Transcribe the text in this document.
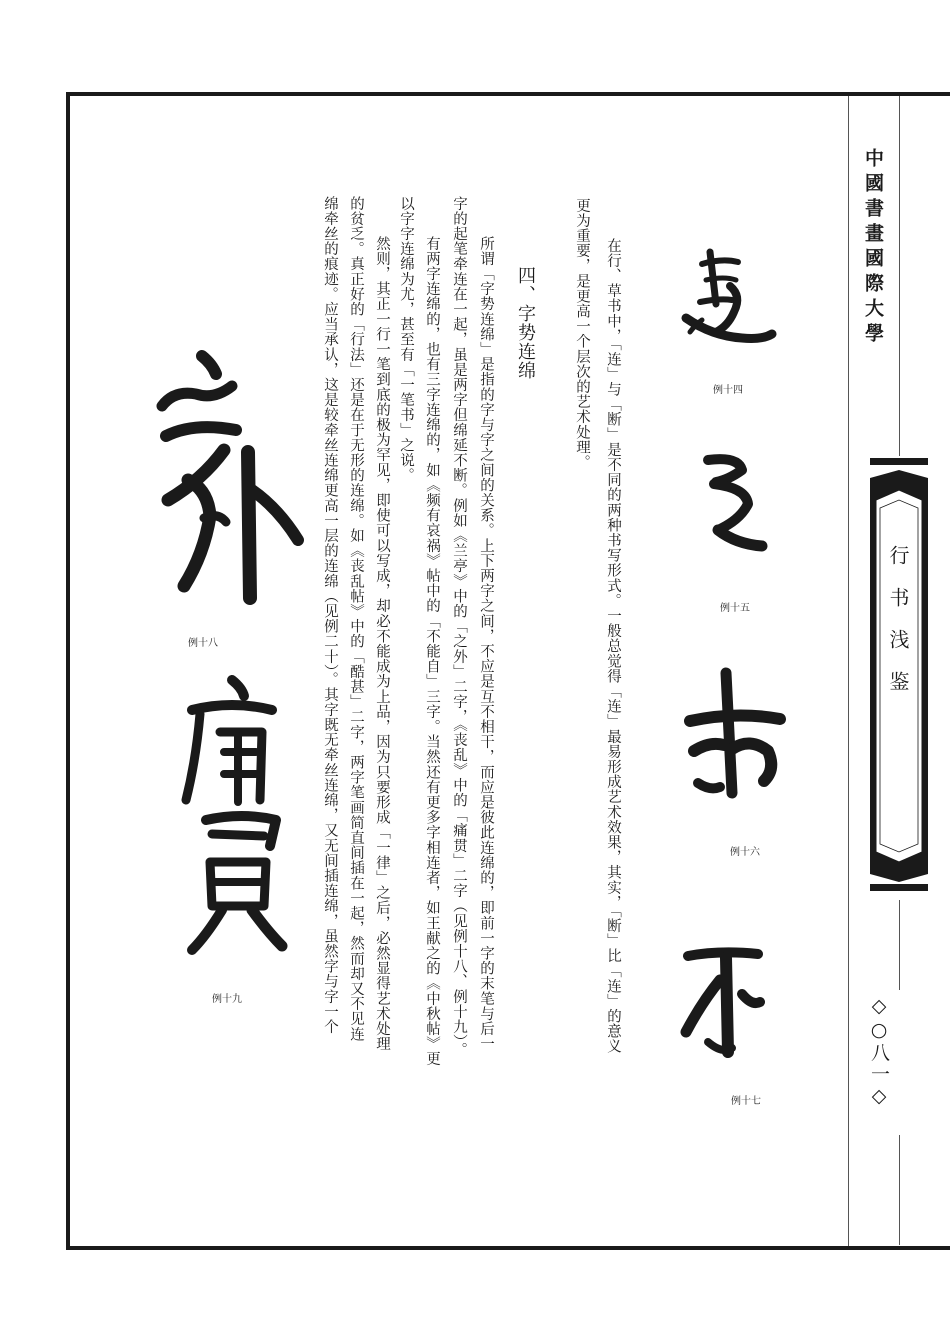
中國書畫國際大學
行书浅鉴
◇○八一◇
在行、草书中，「连」与「断」是不同的两种书写形式。一般总觉得「连」最易形成艺术效果，其实，「断」比「连」的意义
更为重要，是更高一个层次的艺术处理。
四、字势连绵
所谓「字势连绵」是指的字与字之间的关系。上下两字之间，不应是互不相干，而应是彼此连绵的，即前一字的末笔与后一
字的起笔牵连在一起，虽是两字但绵延不断。例如《兰亭》中的「之外」二字，《丧乱》中的「痛贯」二字（见例十八、例十九）。
有两字连绵的，也有三字连绵的，如《频有哀祸》帖中的「不能自」三字。当然还有更多字相连者，如王献之的《中秋帖》更
以字字连绵为尤，甚至有「一笔书」之说。
然则，其正一行一笔到底的极为罕见，即使可以写成，却必不能成为上品，因为只要形成「一律」之后，必然显得艺术处理
的贫乏。真正好的「行法」还是在于无形的连绵。如《丧乱帖》中的「酷甚」二字，两字笔画简直间插在一起，然而却又不见连
绵牵丝的痕迹。应当承认，这是较牵丝连绵更高一层的连绵（见例二十）。其字既无牵丝连绵，又无间插连绵，虽然字与字一个	例十四
例十五
例十六
例十七
例十八
例十九
